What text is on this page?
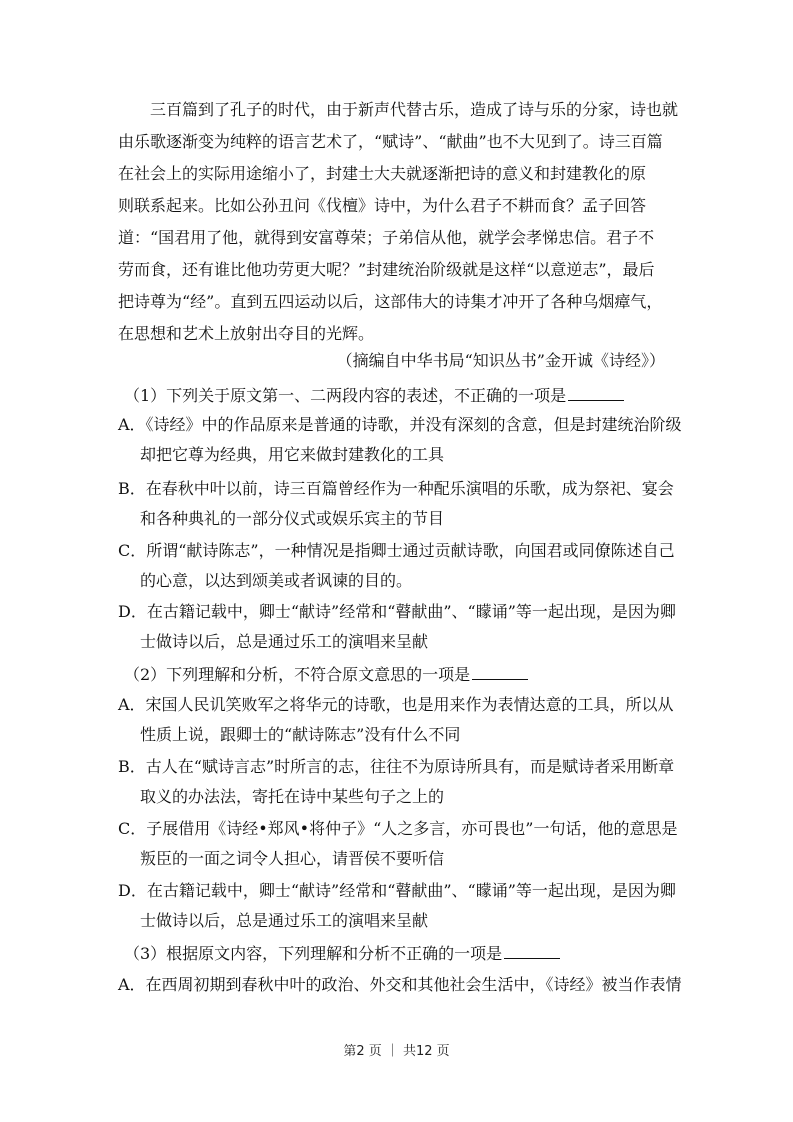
三百篇到了孔子的时代，由于新声代替古乐，造成了诗与乐的分家，诗也就
由乐歌逐渐变为纯粹的语言艺术了，“赋诗”、“献曲”也不大见到了。诗三百篇
在社会上的实际用途缩小了，封建士大夫就逐渐把诗的意义和封建教化的原
则联系起来。比如公孙丑问《伐檀》诗中，为什么君子不耕而食？孟子回答
道：“国君用了他，就得到安富尊荣；子弟信从他，就学会孝悌忠信。君子不
劳而食，还有谁比他功劳更大呢？”封建统治阶级就是这样“以意逆志”，最后
把诗尊为“经”。直到五四运动以后，这部伟大的诗集才冲开了各种乌烟瘴气，
在思想和艺术上放射出夺目的光辉。
（摘编自中华书局“知识丛书”金开诚《诗经》）
（1）下列关于原文第一、二两段内容的表述，不正确的一项是
A．《诗经》中的作品原来是普通的诗歌，并没有深刻的含意，但是封建统治阶级
却把它尊为经典，用它来做封建教化的工具
B．在春秋中叶以前，诗三百篇曾经作为一种配乐演唱的乐歌，成为祭祀、宴会
和各种典礼的一部分仪式或娱乐宾主的节目
C．所谓“献诗陈志”，一种情况是指卿士通过贡献诗歌，向国君或同僚陈述自己
的心意，以达到颂美或者讽谏的目的。
D．在古籍记载中，卿士“献诗”经常和“瞽献曲”、“矇诵”等一起出现，是因为卿
士做诗以后，总是通过乐工的演唱来呈献
（2）下列理解和分析，不符合原文意思的一项是
A．宋国人民讥笑败军之将华元的诗歌，也是用来作为表情达意的工具，所以从
性质上说，跟卿士的“献诗陈志”没有什么不同
B．古人在“赋诗言志”时所言的志，往往不为原诗所具有，而是赋诗者采用断章
取义的办法法，寄托在诗中某些句子之上的
C．子展借用《诗经•郑风•将仲子》“人之多言，亦可畏也”一句话，他的意思是
叛臣的一面之词令人担心，请晋侯不要听信
D．在古籍记载中，卿士“献诗”经常和“瞽献曲”、“矇诵”等一起出现，是因为卿
士做诗以后，总是通过乐工的演唱来呈献
（3）根据原文内容，下列理解和分析不正确的一项是
A．在西周初期到春秋中叶的政治、外交和其他社会生活中，《诗经》被当作表情
第2 页 ｜ 共12 页
